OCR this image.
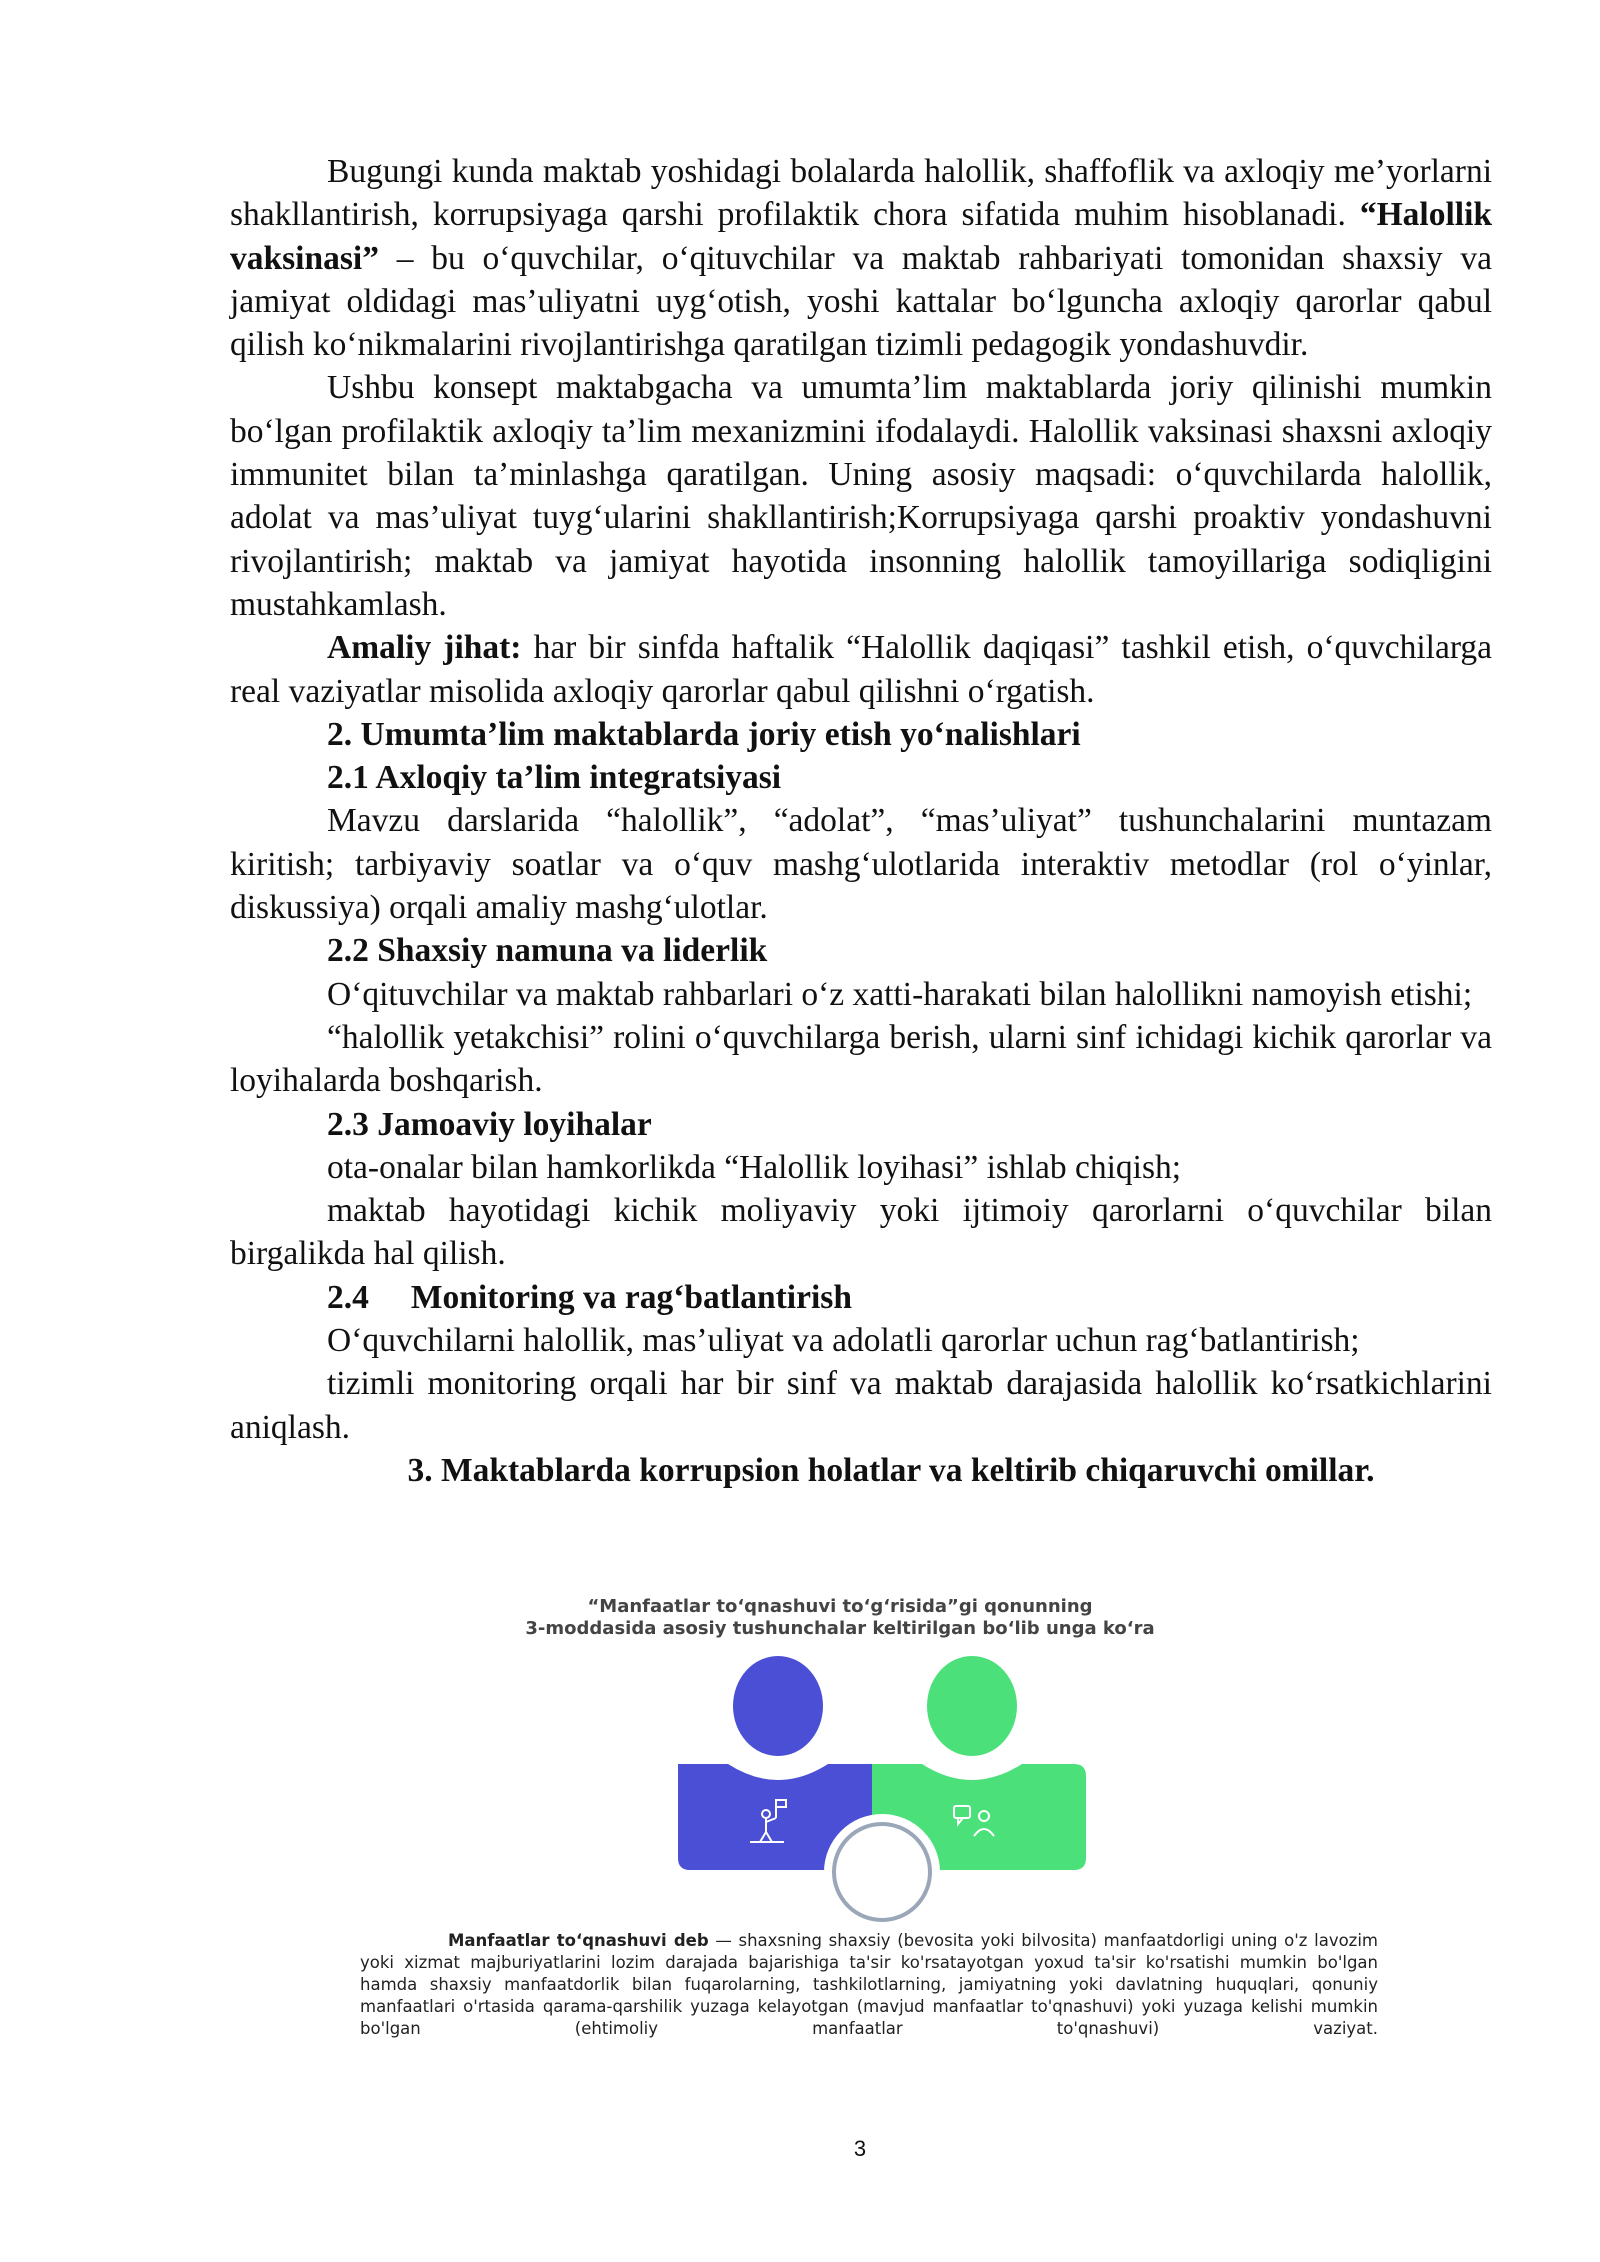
Bugungi kunda maktab yoshidagi bolalarda halollik, shaffoflik va axloqiy me’yorlarni shakllantirish, korrupsiyaga qarshi profilaktik chora sifatida muhim hisoblanadi. “Halollik vaksinasi” – bu o‘quvchilar, o‘qituvchilar va maktab rahbariyati tomonidan shaxsiy va jamiyat oldidagi mas’uliyatni uyg‘otish, yoshi kattalar bo‘lguncha axloqiy qarorlar qabul qilish ko‘nikmalarini rivojlantirishga qaratilgan tizimli pedagogik yondashuvdir.

Ushbu konsept maktabgacha va umumta’lim maktablarda joriy qilinishi mumkin bo‘lgan profilaktik axloqiy ta’lim mexanizmini ifodalaydi. Halollik vaksinasi shaxsni axloqiy immunitet bilan ta’minlashga qaratilgan. Uning asosiy maqsadi: o‘quvchilarda halollik, adolat va mas’uliyat tuyg‘ularini shakllantirish;Korrupsiyaga qarshi proaktiv yondashuvni rivojlantirish; maktab va jamiyat hayotida insonning halollik tamoyillariga sodiqligini mustahkamlash.

Amaliy jihat: har bir sinfda haftalik “Halollik daqiqasi” tashkil etish, o‘quvchilarga real vaziyatlar misolida axloqiy qarorlar qabul qilishni o‘rgatish.

2. Umumta’lim maktablarda joriy etish yo‘nalishlari

2.1 Axloqiy ta’lim integratsiyasi

Mavzu darslarida “halollik”, “adolat”, “mas’uliyat” tushunchalarini muntazam kiritish; tarbiyaviy soatlar va o‘quv mashg‘ulotlarida interaktiv metodlar (rol o‘yinlar, diskussiya) orqali amaliy mashg‘ulotlar.

2.2 Shaxsiy namuna va liderlik

O‘qituvchilar va maktab rahbarlari o‘z xatti-harakati bilan halollikni namoyish etishi;

“halollik yetakchisi” rolini o‘quvchilarga berish, ularni sinf ichidagi kichik qarorlar va loyihalarda boshqarish.

2.3 Jamoaviy loyihalar

ota-onalar bilan hamkorlikda “Halollik loyihasi” ishlab chiqish;

maktab hayotidagi kichik moliyaviy yoki ijtimoiy qarorlarni o‘quvchilar bilan birgalikda hal qilish.

2.4 Monitoring va rag‘batlantirish

O‘quvchilarni halollik, mas’uliyat va adolatli qarorlar uchun rag‘batlantirish;

tizimli monitoring orqali har bir sinf va maktab darajasida halollik ko‘rsatkichlarini aniqlash.

3. Maktablarda korrupsion holatlar va keltirib chiqaruvchi omillar.

“Manfaatlar to‘qnashuvi to‘g‘risida”gi qonunning
3-moddasida asosiy tushunchalar keltirilgan bo‘lib unga ko‘ra
Manfaatlar to‘qnashuvi deb — shaxsning shaxsiy (bevosita yoki bilvosita) manfaatdorligi uning o'z lavozim yoki xizmat majburiyatlarini lozim darajada bajarishiga ta'sir ko'rsatayotgan yoxud ta'sir ko'rsatishi mumkin bo'lgan hamda shaxsiy manfaatdorlik bilan fuqarolarning, tashkilotlarning, jamiyatning yoki davlatning huquqlari, qonuniy manfaatlari o'rtasida qarama-qarshilik yuzaga kelayotgan (mavjud manfaatlar to'qnashuvi) yoki yuzaga kelishi mumkin bo'lgan (ehtimoliy manfaatlar to'qnashuvi) vaziyat.
3
